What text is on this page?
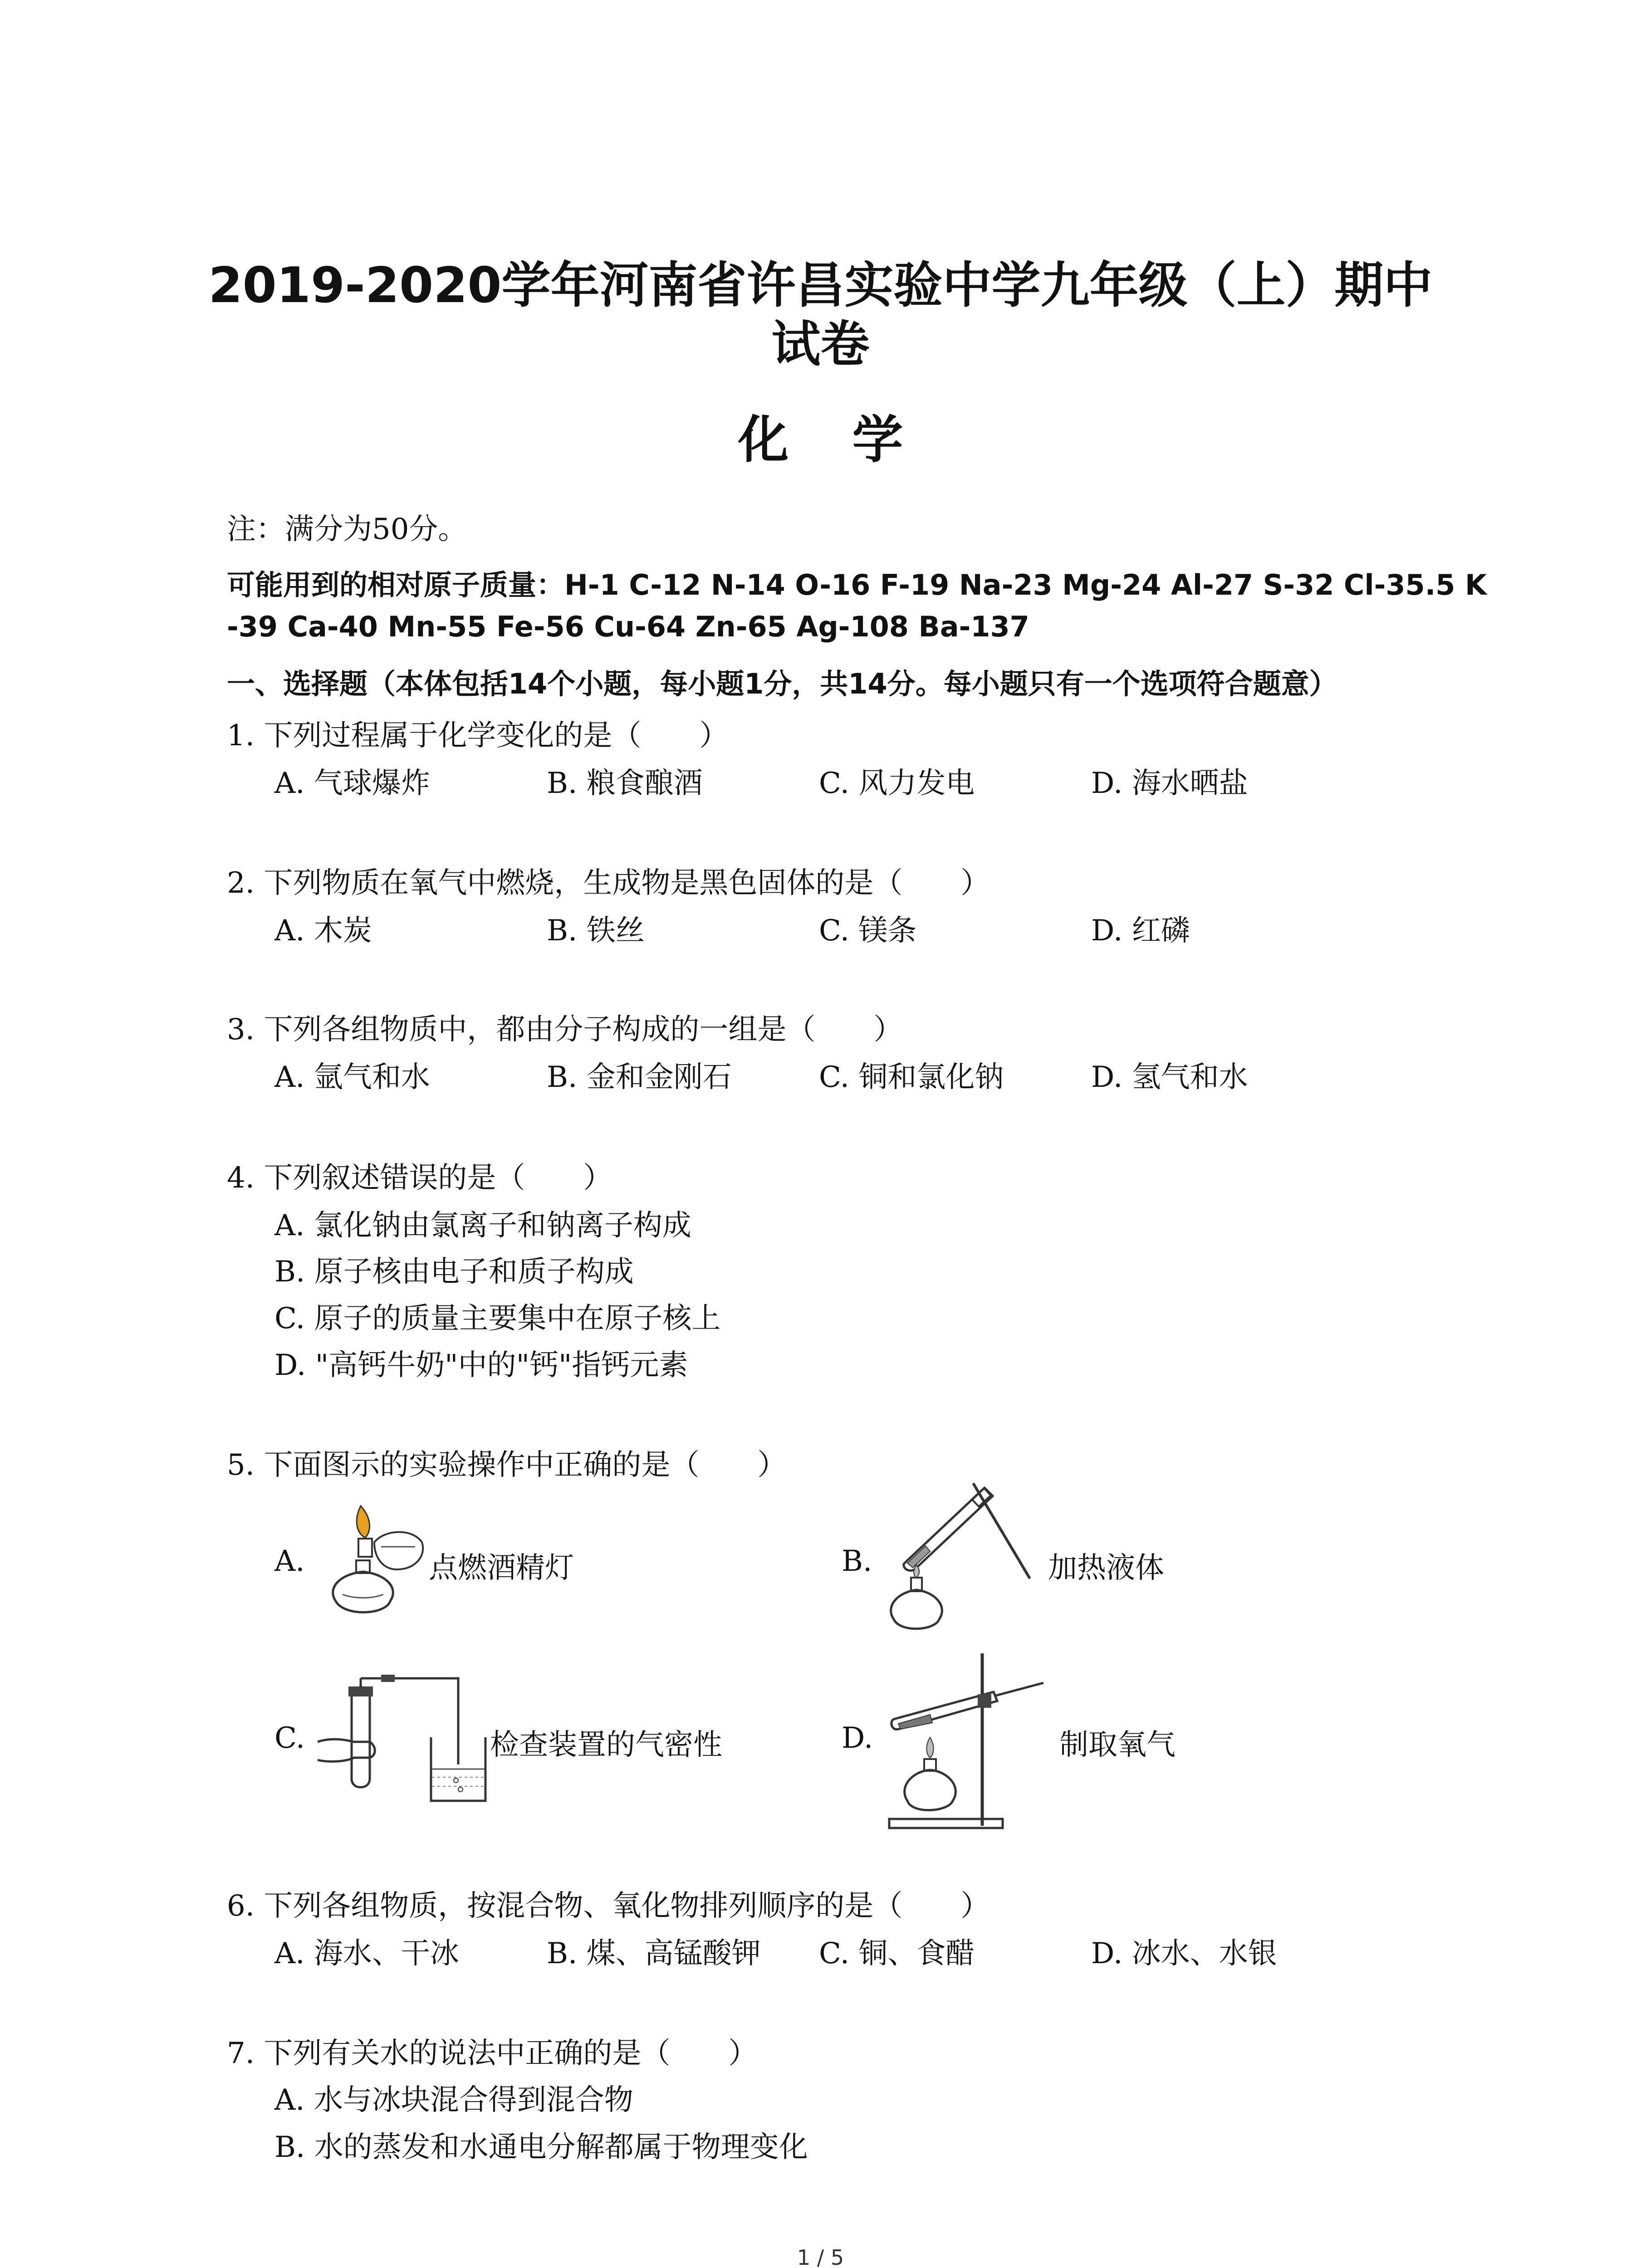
2019-2020学年河南省许昌实验中学九年级（上）期中
试卷
化学
注：满分为50分。
可能用到的相对原子质量：H-1 C-12 N-14 O-16 F-19 Na-23 Mg-24 Al-27 S-32 Cl-35.5 K
-39 Ca-40 Mn-55 Fe-56 Cu-64 Zn-65 Ag-108 Ba-137
一、选择题（本体包括14个小题，每小题1分，共14分。每小题只有一个选项符合题意）
1. 下列过程属于化学变化的是（　　）
A. 气球爆炸	B. 粮食酿酒	C. 风力发电	D. 海水晒盐
2. 下列物质在氧气中燃烧，生成物是黑色固体的是（　　）
A. 木炭	B. 铁丝	C. 镁条	D. 红磷
3. 下列各组物质中，都由分子构成的一组是（　　）
A. 氩气和水	B. 金和金刚石	C. 铜和氯化钠	D. 氢气和水
4. 下列叙述错误的是（　　）
A. 氯化钠由氯离子和钠离子构成
B. 原子核由电子和质子构成
C. 原子的质量主要集中在原子核上
D. "高钙牛奶"中的"钙"指钙元素
5. 下面图示的实验操作中正确的是（　　）
A.	点燃酒精灯	B.	加热液体
C.	检查装置的气密性	D.	制取氧气
6. 下列各组物质，按混合物、氧化物排列顺序的是（　　）
A. 海水、干冰	B. 煤、高锰酸钾 C. 铜、食醋	D. 冰水、水银
7. 下列有关水的说法中正确的是（　　）
A. 水与冰块混合得到混合物
B. 水的蒸发和水通电分解都属于物理变化
1 / 5
